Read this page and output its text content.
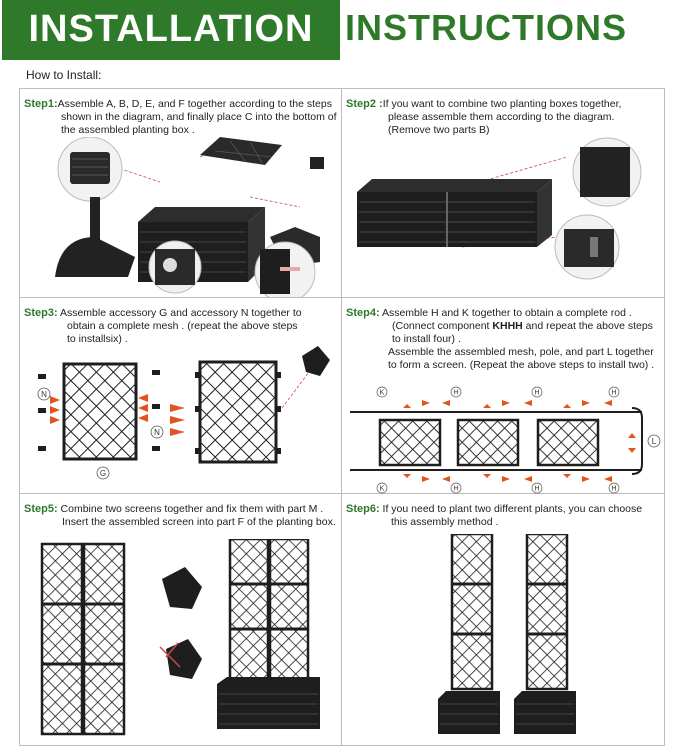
INSTALLATION INSTRUCTIONS
How to Install:
Step1:Assemble A, B, D, E, and F together according to the steps
shown in the diagram, and finally place C into the bottom of
the assembled planting box .
Step2 :If you want to combine two planting boxes together,
please assemble them according to the diagram.
(Remove two parts B)
Step3: Assemble accessory G and accessory N together to
obtain a complete mesh . (repeat the above steps
to installsix) .
N
N
G
Step4: Assemble H and K together to obtain a complete rod .
(Connect component KHHH and repeat the above steps
to install four) .
Assemble the assembled mesh, pole, and part L together
to form a screen. (Repeat the above steps to install two) .
L
K	H	H	H
K	H	H	H
Step5: Combine two screens together and fix them with part M .
Insert the assembled screen into part F of the planting box.
Step6: If you need to plant two different plants, you can choose
this assembly method .
